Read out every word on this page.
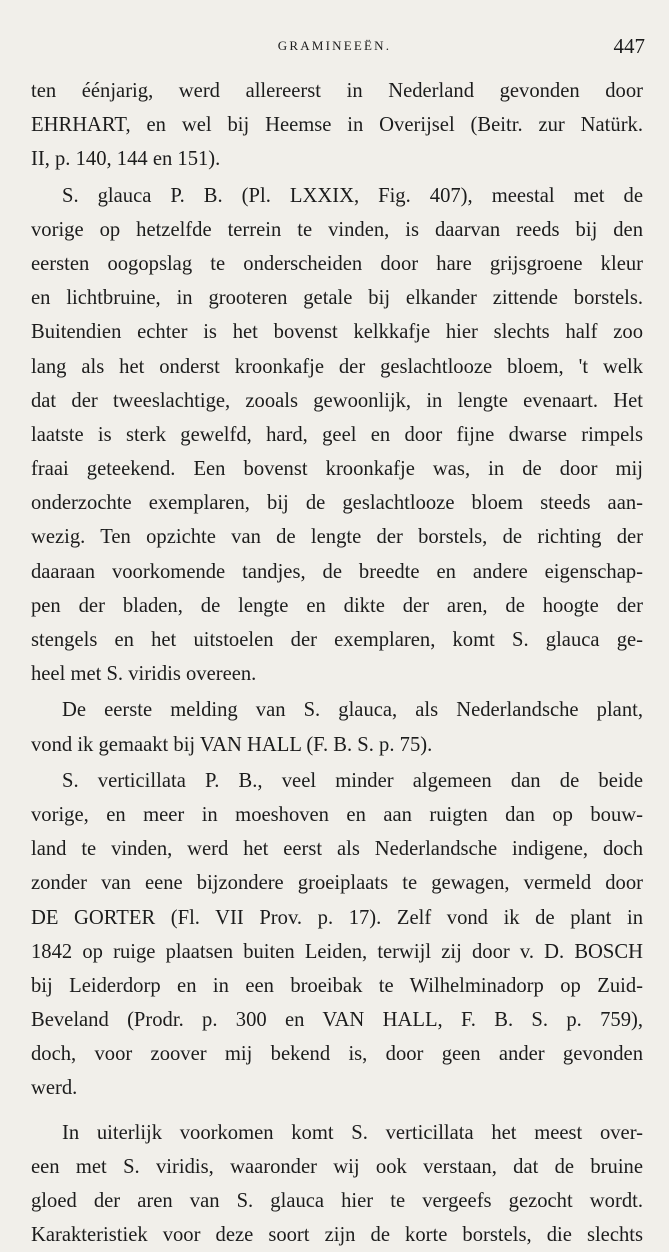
GRAMINEEËN.	447
ten éénjarig, werd allereerst in Nederland gevonden door
EHRHART, en wel bij Heemse in Overijsel (Beitr. zur Natürk.
II, p. 140, 144 en 151).
S. glauca P. B. (Pl. LXXIX, Fig. 407), meestal met de
vorige op hetzelfde terrein te vinden, is daarvan reeds bij den
eersten oogopslag te onderscheiden door hare grijsgroene kleur
en lichtbruine, in grooteren getale bij elkander zittende borstels.
Buitendien echter is het bovenst kelkkafje hier slechts half zoo
lang als het onderst kroonkafje der geslachtlooze bloem, 't welk
dat der tweeslachtige, zooals gewoonlijk, in lengte evenaart. Het
laatste is sterk gewelfd, hard, geel en door fijne dwarse rimpels
fraai geteekend. Een bovenst kroonkafje was, in de door mij
onderzochte exemplaren, bij de geslachtlooze bloem steeds aan-
wezig. Ten opzichte van de lengte der borstels, de richting der
daaraan voorkomende tandjes, de breedte en andere eigenschap-
pen der bladen, de lengte en dikte der aren, de hoogte der
stengels en het uitstoelen der exemplaren, komt S. glauca ge-
heel met S. viridis overeen.
De eerste melding van S. glauca, als Nederlandsche plant,
vond ik gemaakt bij VAN HALL (F. B. S. p. 75).
S. verticillata P. B., veel minder algemeen dan de beide
vorige, en meer in moeshoven en aan ruigten dan op bouw-
land te vinden, werd het eerst als Nederlandsche indigene, doch
zonder van eene bijzondere groeiplaats te gewagen, vermeld door
DE GORTER (Fl. VII Prov. p. 17). Zelf vond ik de plant in
1842 op ruige plaatsen buiten Leiden, terwijl zij door v. D. BOSCH
bij Leiderdorp en in een broeibak te Wilhelminadorp op Zuid-
Beveland (Prodr. p. 300 en VAN HALL, F. B. S. p. 759),
doch, voor zoover mij bekend is, door geen ander gevonden
werd.
In uiterlijk voorkomen komt S. verticillata het meest over-
een met S. viridis, waaronder wij ook verstaan, dat de bruine
gloed der aren van S. glauca hier te vergeefs gezocht wordt.
Karakteristiek voor deze soort zijn de korte borstels, die slechts
